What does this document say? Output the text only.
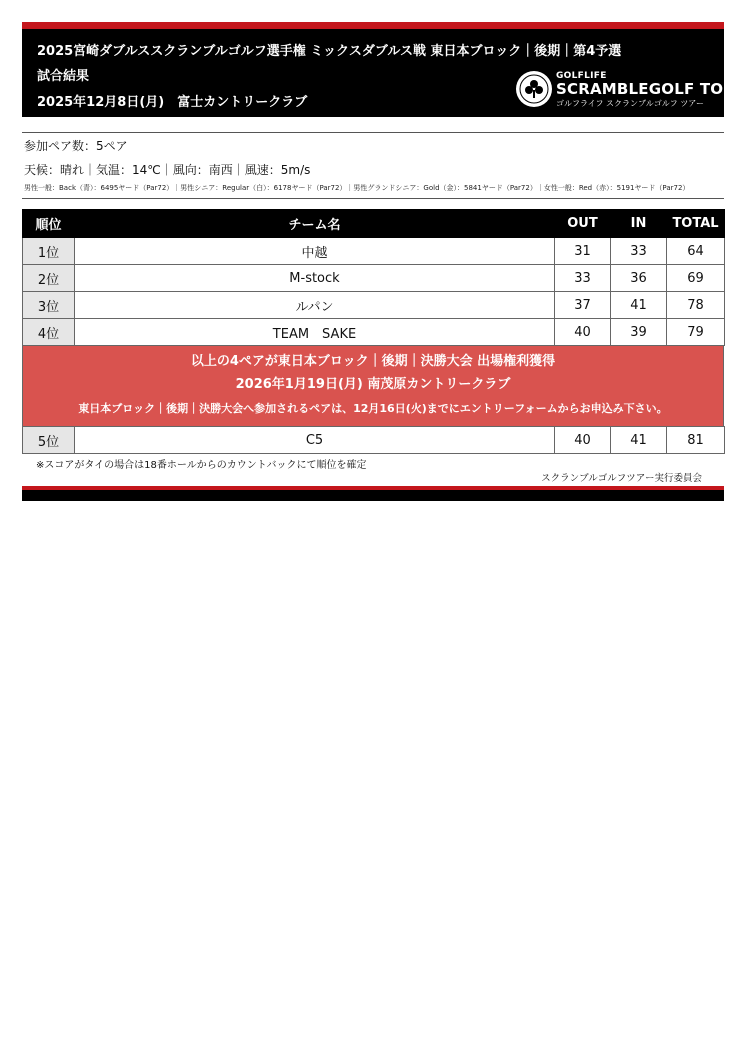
2025宮崎ダブルススクランブルゴルフ選手権 ミックスダブルス戦 東日本ブロック｜後期｜第4予選
試合結果
2025年12月8日(月)　富士カントリークラブ
GOLFLIFE
SCRAMBLEGOLF TOUR
ゴルフライフ スクランブルゴルフ ツアー
参加ペア数：5ペア
天候：晴れ｜気温：14℃｜風向：南西｜風速：5m/s
男性一般：Back（青）：6495ヤード（Par72）｜男性シニア：Regular（白）：6178ヤード（Par72）｜男性グランドシニア：Gold（金）：5841ヤード（Par72）｜女性一般：Red（赤）：5191ヤード（Par72）
順位	チーム名	OUT	IN	TOTAL
1位	中越	31	33	64
2位	M-stock	33	36	69
3位	ルパン	37	41	78
4位	TEAM　SAKE	40	39	79
以上の4ペアが東日本ブロック｜後期｜決勝大会 出場権利獲得
2026年1月19日(月) 南茂原カントリークラブ
東日本ブロック｜後期｜決勝大会へ参加されるペアは、12月16日(火)までにエントリーフォームからお申込み下さい。
5位	C5	40	41	81
※スコアがタイの場合は18番ホールからのカウントバックにて順位を確定
スクランブルゴルフツアー実行委員会
